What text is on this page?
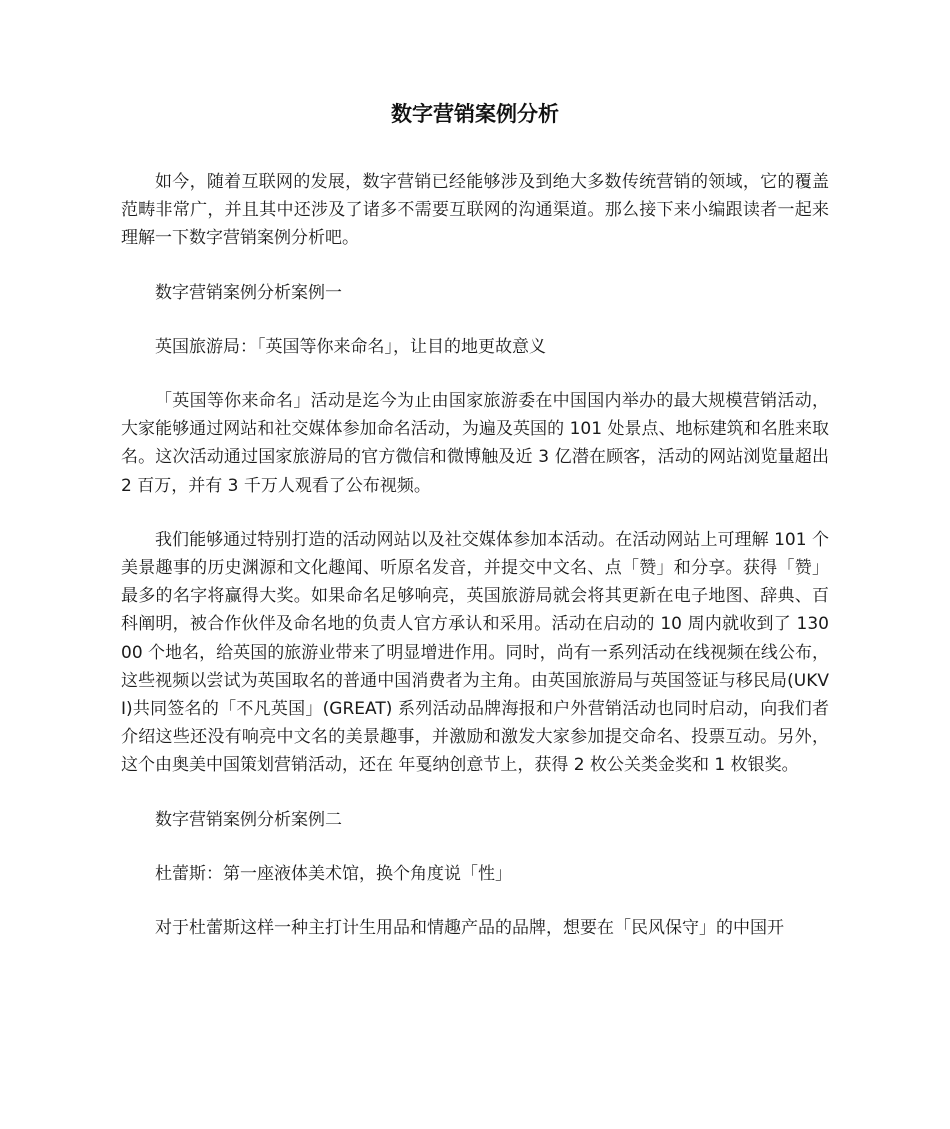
数字营销案例分析

如今，随着互联网的发展，数字营销已经能够涉及到绝大多数传统营销的领域，它的覆盖范畴非常广，并且其中还涉及了诸多不需要互联网的沟通渠道。那么接下来小编跟读者一起来理解一下数字营销案例分析吧。

数字营销案例分析案例一

英国旅游局：「英国等你来命名」，让目的地更故意义

「英国等你来命名」活动是迄今为止由国家旅游委在中国国内举办的最大规模营销活动，大家能够通过网站和社交媒体参加命名活动，为遍及英国的 101 处景点、地标建筑和名胜来取名。这次活动通过国家旅游局的官方微信和微博触及近 3 亿潜在顾客，活动的网站浏览量超出 2 百万，并有 3 千万人观看了公布视频。

我们能够通过特别打造的活动网站以及社交媒体参加本活动。在活动网站上可理解 101 个美景趣事的历史渊源和文化趣闻、听原名发音，并提交中文名、点「赞」和分享。获得「赞」最多的名字将赢得大奖。如果命名足够响亮，英国旅游局就会将其更新在电子地图、辞典、百科阐明，被合作伙伴及命名地的负责人官方承认和采用。活动在启动的 10 周内就收到了 13000 个地名，给英国的旅游业带来了明显增进作用。同时，尚有一系列活动在线视频在线公布，这些视频以尝试为英国取名的普通中国消费者为主角。由英国旅游局与英国签证与移民局(UKVI)共同签名的「不凡英国」(GREAT) 系列活动品牌海报和户外营销活动也同时启动，向我们者介绍这些还没有响亮中文名的美景趣事，并激励和激发大家参加提交命名、投票互动。另外，这个由奥美中国策划营销活动，还在 年戛纳创意节上，获得 2 枚公关类金奖和 1 枚银奖。

数字营销案例分析案例二

杜蕾斯：第一座液体美术馆，换个角度说「性」

对于杜蕾斯这样一种主打计生用品和情趣产品的品牌，想要在「民风保守」的中国开
